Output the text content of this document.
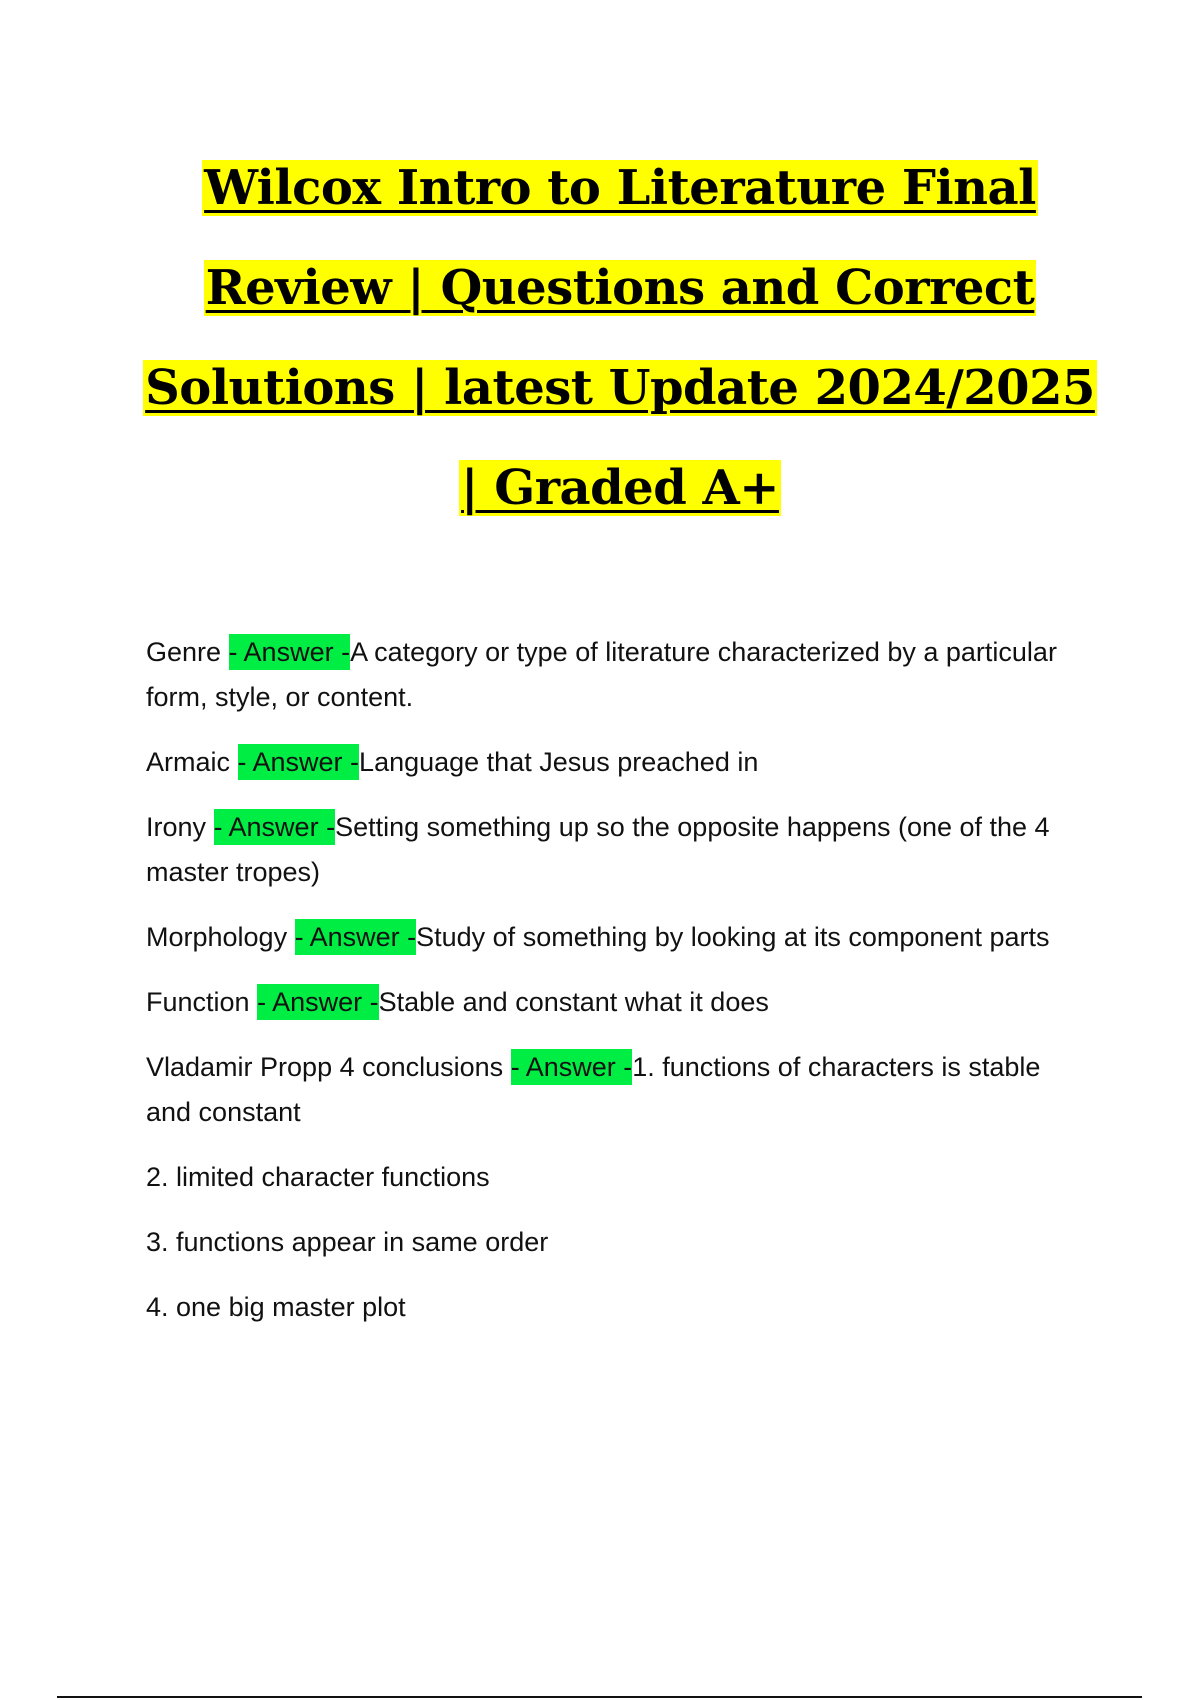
Wilcox Intro to Literature Final
Review | Questions and Correct
Solutions | latest Update 2024/2025
| Graded A+
Genre - Answer -A category or type of literature characterized by a particular form, style, or content.
Armaic - Answer -Language that Jesus preached in
Irony - Answer -Setting something up so the opposite happens (one of the 4 master tropes)
Morphology - Answer -Study of something by looking at its component parts
Function - Answer -Stable and constant what it does
Vladamir Propp 4 conclusions - Answer -1. functions of characters is stable and constant
2. limited character functions
3. functions appear in same order
4. one big master plot
